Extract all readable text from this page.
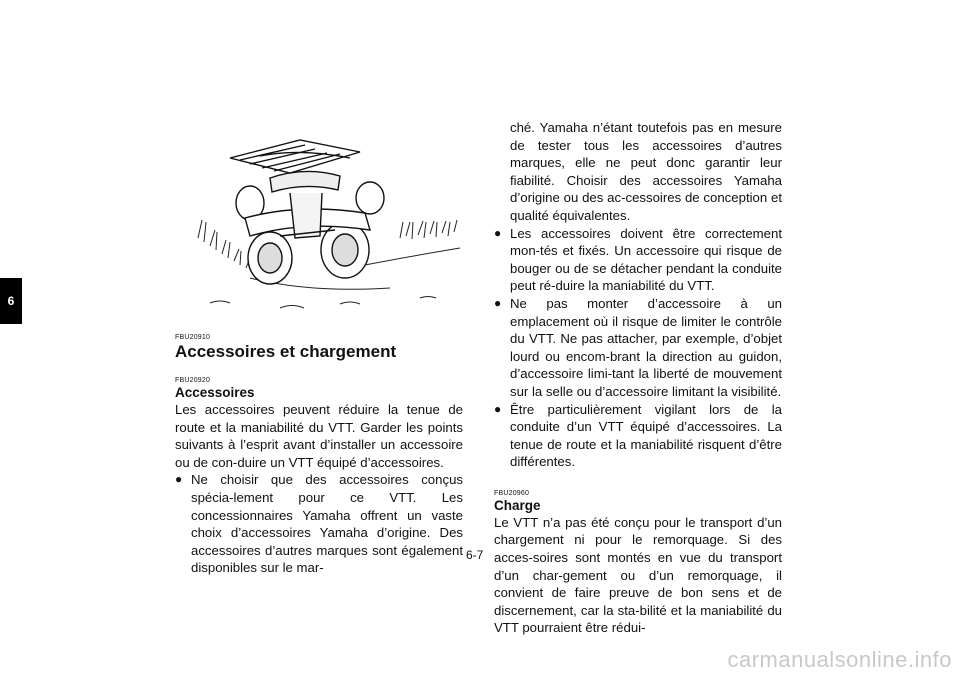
6
FBU20910
Accessoires et chargement
FBU20920
Accessoires

Les accessoires peuvent réduire la tenue de route et la maniabilité du VTT. Garder les points suivants à l’esprit avant d’installer un accessoire ou de con-duire un VTT équipé d’accessoires.

● Ne choisir que des accessoires conçus spécia-lement pour ce VTT. Les concessionnaires Yamaha offrent un vaste choix d’accessoires Yamaha d’origine. Des accessoires d’autres marques sont également disponibles sur le mar-
ché. Yamaha n’étant toutefois pas en mesure de tester tous les accessoires d’autres marques, elle ne peut donc garantir leur fiabilité. Choisir des accessoires Yamaha d’origine ou des ac-cessoires de conception et qualité équivalentes.
● Les accessoires doivent être correctement mon-tés et fixés. Un accessoire qui risque de bouger ou de se détacher pendant la conduite peut ré-duire la maniabilité du VTT.
● Ne pas monter d’accessoire à un emplacement où il risque de limiter le contrôle du VTT. Ne pas attacher, par exemple, d’objet lourd ou encom-brant la direction au guidon, d’accessoire limi-tant la liberté de mouvement sur la selle ou d’accessoire limitant la visibilité.
● Être particulièrement vigilant lors de la conduite d’un VTT équipé d’accessoires. La tenue de route et la maniabilité risquent d’être différentes.
FBU20960
Charge

Le VTT n’a pas été conçu pour le transport d’un chargement ni pour le remorquage. Si des acces-soires sont montés en vue du transport d’un char-gement ou d’un remorquage, il convient de faire preuve de bon sens et de discernement, car la sta-bilité et la maniabilité du VTT pourraient être rédui-

6-7
carmanualsonline.info
